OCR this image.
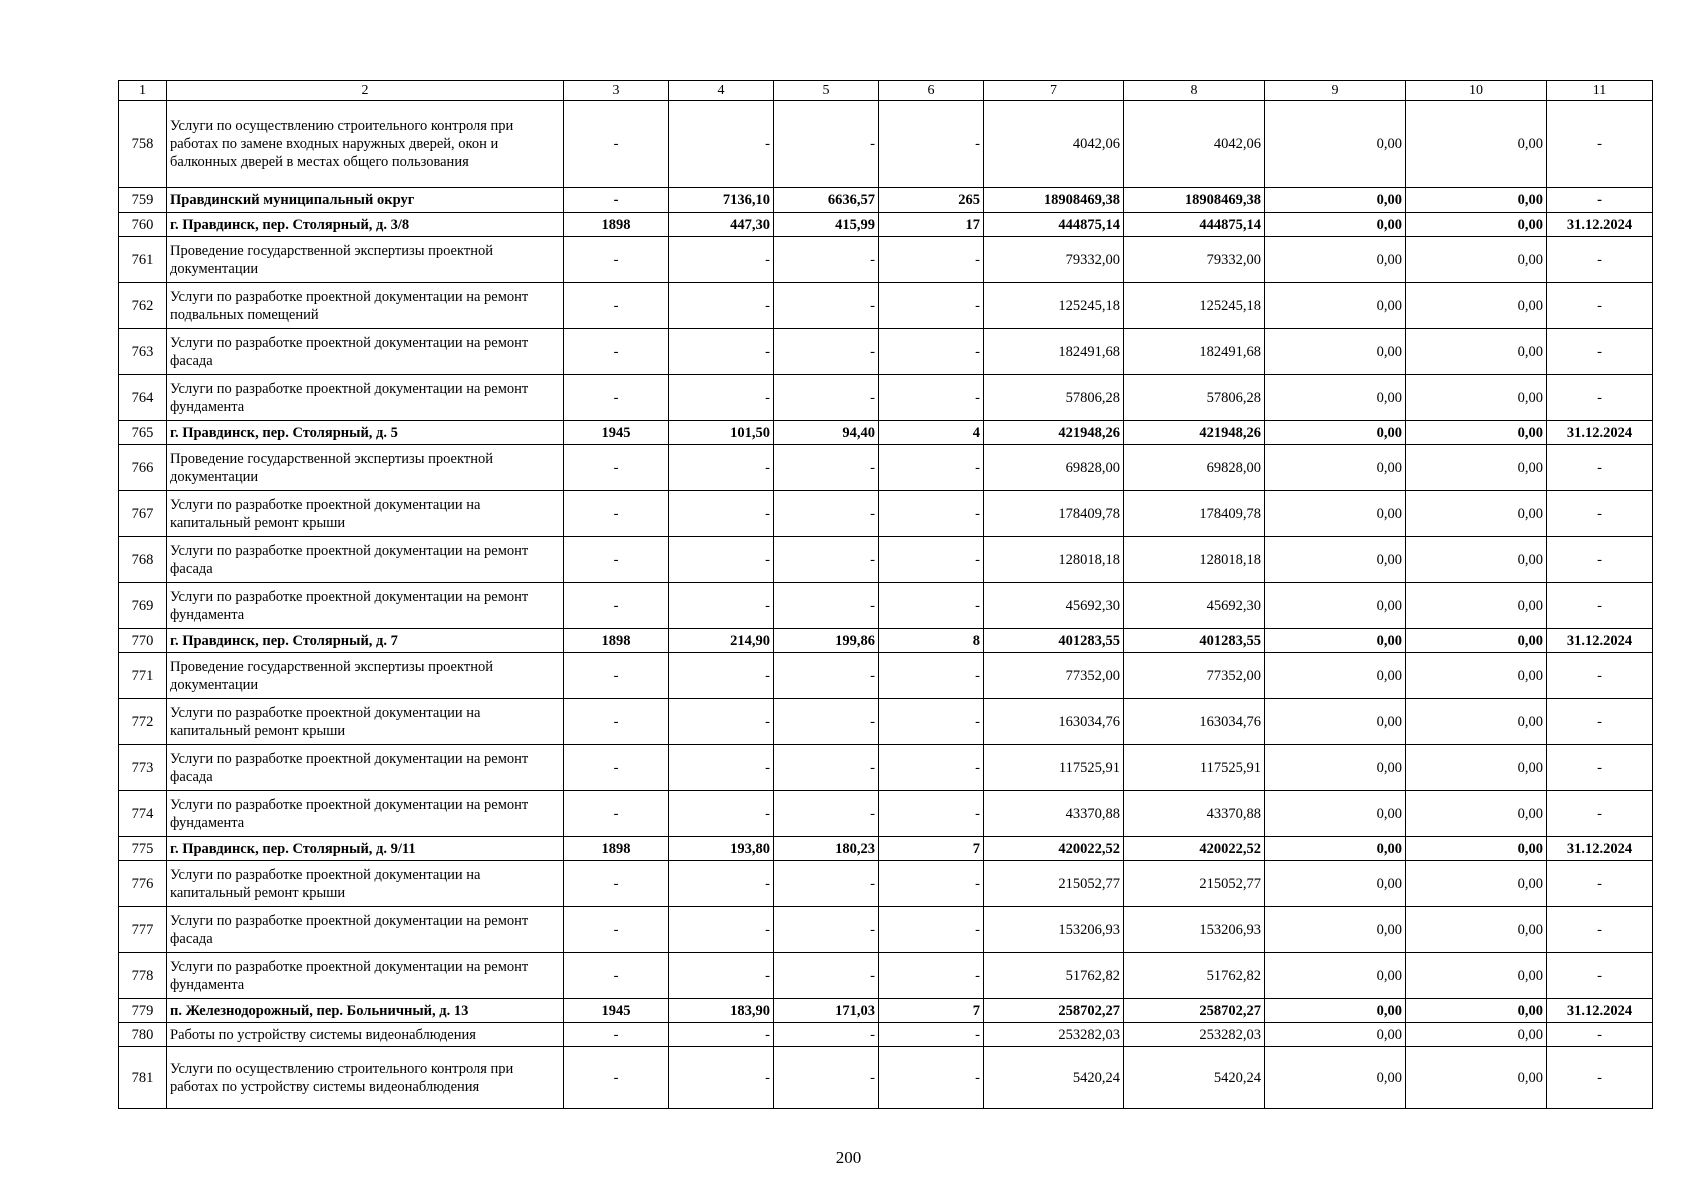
1	2	3	4	5	6	7	8	9	10	11
758	Услуги по осуществлению строительного контроля при работах по замене входных наружных дверей, окон и балконных дверей в местах общего пользования	-	-	-	-	4042,06	4042,06	0,00	0,00	-
759	Правдинский муниципальный округ	-	7136,10	6636,57	265	18908469,38	18908469,38	0,00	0,00	-
760	г. Правдинск, пер. Столярный, д. 3/8	1898	447,30	415,99	17	444875,14	444875,14	0,00	0,00	31.12.2024
761	Проведение государственной экспертизы проектной документации	-	-	-	-	79332,00	79332,00	0,00	0,00	-
762	Услуги по разработке проектной документации на ремонт подвальных помещений	-	-	-	-	125245,18	125245,18	0,00	0,00	-
763	Услуги по разработке проектной документации на ремонт фасада	-	-	-	-	182491,68	182491,68	0,00	0,00	-
764	Услуги по разработке проектной документации на ремонт фундамента	-	-	-	-	57806,28	57806,28	0,00	0,00	-
765	г. Правдинск, пер. Столярный, д. 5	1945	101,50	94,40	4	421948,26	421948,26	0,00	0,00	31.12.2024
766	Проведение государственной экспертизы проектной документации	-	-	-	-	69828,00	69828,00	0,00	0,00	-
767	Услуги по разработке проектной документации на капитальный ремонт крыши	-	-	-	-	178409,78	178409,78	0,00	0,00	-
768	Услуги по разработке проектной документации на ремонт фасада	-	-	-	-	128018,18	128018,18	0,00	0,00	-
769	Услуги по разработке проектной документации на ремонт фундамента	-	-	-	-	45692,30	45692,30	0,00	0,00	-
770	г. Правдинск, пер. Столярный, д. 7	1898	214,90	199,86	8	401283,55	401283,55	0,00	0,00	31.12.2024
771	Проведение государственной экспертизы проектной документации	-	-	-	-	77352,00	77352,00	0,00	0,00	-
772	Услуги по разработке проектной документации на капитальный ремонт крыши	-	-	-	-	163034,76	163034,76	0,00	0,00	-
773	Услуги по разработке проектной документации на ремонт фасада	-	-	-	-	117525,91	117525,91	0,00	0,00	-
774	Услуги по разработке проектной документации на ремонт фундамента	-	-	-	-	43370,88	43370,88	0,00	0,00	-
775	г. Правдинск, пер. Столярный, д. 9/11	1898	193,80	180,23	7	420022,52	420022,52	0,00	0,00	31.12.2024
776	Услуги по разработке проектной документации на капитальный ремонт крыши	-	-	-	-	215052,77	215052,77	0,00	0,00	-
777	Услуги по разработке проектной документации на ремонт фасада	-	-	-	-	153206,93	153206,93	0,00	0,00	-
778	Услуги по разработке проектной документации на ремонт фундамента	-	-	-	-	51762,82	51762,82	0,00	0,00	-
779	п. Железнодорожный, пер. Больничный, д. 13	1945	183,90	171,03	7	258702,27	258702,27	0,00	0,00	31.12.2024
780	Работы по устройству системы видеонаблюдения	-	-	-	-	253282,03	253282,03	0,00	0,00	-
781	Услуги по осуществлению строительного контроля при работах по устройству системы видеонаблюдения	-	-	-	-	5420,24	5420,24	0,00	0,00	-
200
